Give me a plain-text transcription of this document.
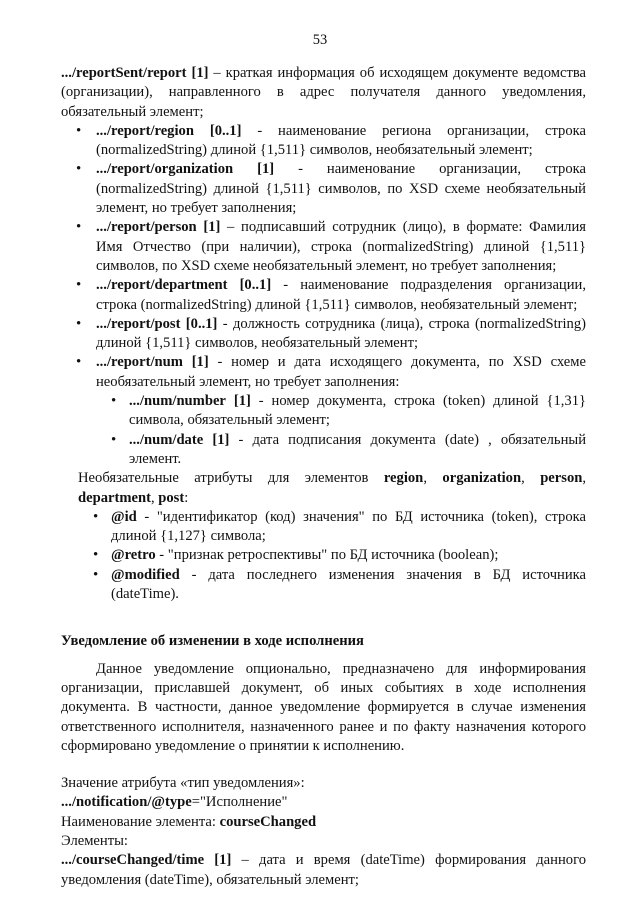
53

.../reportSent/report [1] – краткая информация об исходящем документе ведомства (организации), направленного в адрес получателя данного уведомления, обязательный элемент;

• .../report/region [0..1] - наименование региона организации, строка (normalizedString) длиной {1,511} символов, необязательный элемент;
• .../report/organization [1] - наименование организации, строка (normalizedString) длиной {1,511} символов, по XSD схеме необязательный элемент, но требует заполнения;
• .../report/person [1] – подписавший сотрудник (лицо), в формате: Фамилия Имя Отчество (при наличии), строка (normalizedString) длиной {1,511} символов, по XSD схеме необязательный элемент, но требует заполнения;
• .../report/department [0..1] - наименование подразделения организации, строка (normalizedString) длиной {1,511} символов, необязательный элемент;
• .../report/post [0..1] - должность сотрудника (лица), строка (normalizedString) длиной {1,511} символов, необязательный элемент;
• .../report/num [1] - номер и дата исходящего документа, по XSD схеме необязательный элемент, но требует заполнения:
• .../num/number [1] - номер документа, строка (token) длиной {1,31}символа, обязательный элемент;
• .../num/date [1] - дата подписания документа (date) , обязательный элемент.

Необязательные атрибуты для элементов region, organization, person, department, post:

• @id - "идентификатор (код) значения" по БД источника (token), строка длиной {1,127} символа;
• @retro - "признак ретроспективы" по БД источника (boolean);
• @modified - дата последнего изменения значения в БД источника (dateTime).

Уведомление об изменении в ходе исполнения

Данное уведомление опционально, предназначено для информирования организации, приславшей документ, об иных событиях в ходе исполнения документа. В частности, данное уведомление формируется в случае изменения ответственного исполнителя, назначенного ранее и по факту назначения которого сформировано уведомление о принятии к исполнению.

Значение атрибута «тип уведомления»:

.../notification/@type="Исполнение"

Наименование элемента: courseChanged

Элементы:

.../courseChanged/time [1] – дата и время (dateTime) формирования данного уведомления (dateTime), обязательный элемент;
